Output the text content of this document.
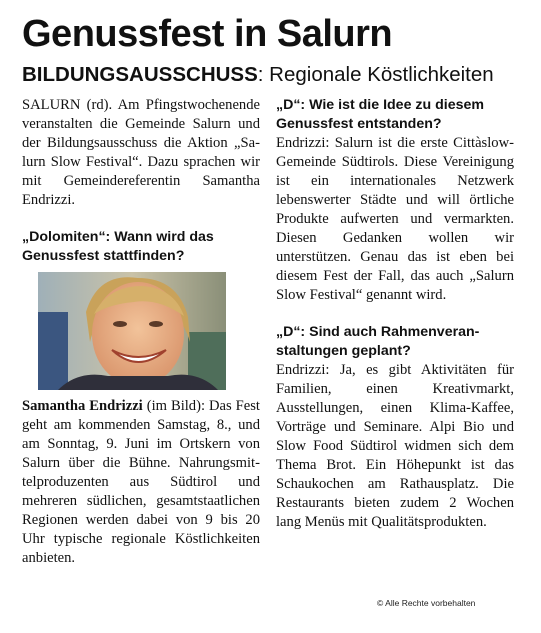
Genussfest in Salurn
BILDUNGSAUSSCHUSS: Regionale Köstlichkeiten

SALURN (rd). Am Pfingstwochenende veranstalten die Gemeinde Salurn und der Bildungsausschuss die Aktion „Salurn Slow Festival“. Dazu sprachen wir mit Gemeindereferentin Samantha Endrizzi.

„Dolomiten“: Wann wird das Genussfest stattfinden?

Samantha Endrizzi (im Bild): Das Fest geht am kommenden Samstag, 8., und am Sonntag, 9. Juni im Ortskern von Salurn über die Bühne. Nahrungsmittelproduzenten aus Südtirol und mehreren südlichen, gesamtstaatlichen Regionen werden dabei von 9 bis 20 Uhr typische regionale Köstlichkeiten anbieten.

„D“: Wie ist die Idee zu diesem Genussfest entstanden?

Endrizzi: Salurn ist die erste Cittàslow-Gemeinde Südtirols. Diese Vereinigung ist ein internationales Netzwerk lebenswerter Städte und will örtliche Produkte aufwerten und vermarkten. Diesen Gedanken wollen wir unterstützen. Genau das ist eben bei diesem Fest der Fall, das auch „Salurn Slow Festival“ genannt wird.

„D“: Sind auch Rahmenveranstaltungen geplant?

Endrizzi: Ja, es gibt Aktivitäten für Familien, einen Kreativmarkt, Ausstellungen, einen Klima-Kaffee, Vorträge und Seminare. Alpi Bio und Slow Food Südtirol widmen sich dem Thema Brot. Ein Höhepunkt ist das Schaukochen am Rathausplatz. Die Restaurants bieten zudem 2 Wochen lang Menüs mit Qualitätsprodukten.

© Alle Rechte vorbehalten
